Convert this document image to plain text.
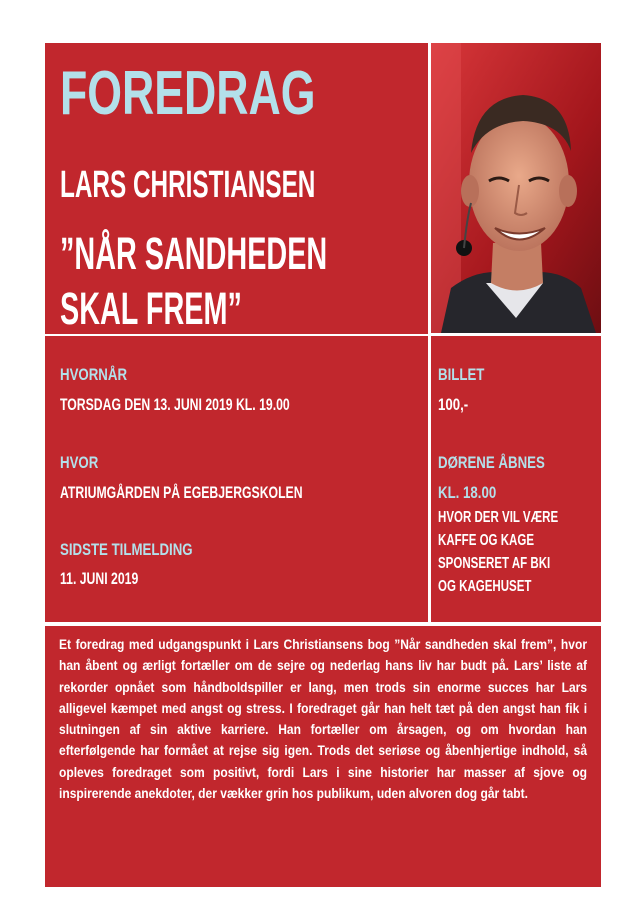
FOREDRAG
LARS CHRISTIANSEN
”NÅR SANDHEDEN
SKAL FREM”
HVORNÅR
TORSDAG DEN 13. JUNI 2019 KL. 19.00
HVOR
ATRIUMGÅRDEN PÅ EGEBJERGSKOLEN
SIDSTE TILMELDING
11. JUNI 2019
BILLET
100,-
DØRENE ÅBNES
KL. 18.00
HVOR DER VIL VÆRE
KAFFE OG KAGE
SPONSERET AF BKI
OG KAGEHUSET
Et foredrag med udgangspunkt i Lars Christiansens bog ”Når sandheden skal frem”, hvor han åbent og ærligt fortæller om de sejre og nederlag hans liv har budt på. Lars’ liste af rekorder opnået som håndboldspiller er lang, men trods sin enorme succes har Lars alligevel kæmpet med angst og stress. I foredraget går han helt tæt på den angst han fik i slutningen af sin aktive karriere. Han fortæller om årsagen, og om hvordan han efterfølgende har formået at rejse sig igen. Trods det seriøse og åbenhjertige indhold, så opleves foredraget som positivt, fordi Lars i sine historier har masser af sjove og inspirerende anekdoter, der vækker grin hos publikum, uden alvoren dog går tabt.
